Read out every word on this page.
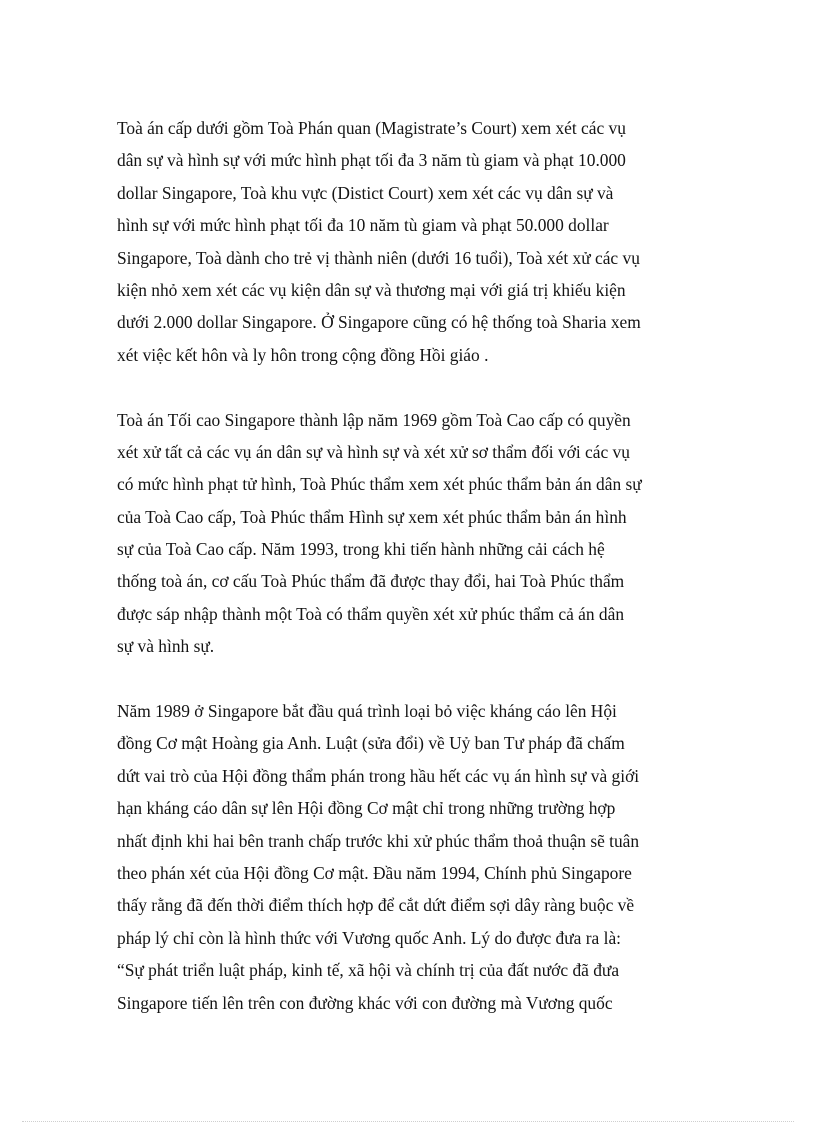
Toà án cấp dưới gồm Toà Phán quan (Magistrate’s Court) xem xét các vụ
dân sự và hình sự với mức hình phạt tối đa 3 năm tù giam và phạt 10.000
dollar Singapore, Toà khu vực (Distict Court) xem xét các vụ dân sự và
hình sự với mức hình phạt tối đa 10 năm tù giam và phạt 50.000 dollar
Singapore, Toà dành cho trẻ vị thành niên (dưới 16 tuổi), Toà xét xử các vụ
kiện nhỏ xem xét các vụ kiện dân sự và thương mại với giá trị khiếu kiện
dưới 2.000 dollar Singapore. Ở Singapore cũng có hệ thống toà Sharia xem
xét việc kết hôn và ly hôn trong cộng đồng Hồi giáo .
Toà án Tối cao Singapore thành lập năm 1969 gồm Toà Cao cấp có quyền
xét xử tất cả các vụ án dân sự và hình sự và xét xử sơ thẩm đối với các vụ
có mức hình phạt tử hình, Toà Phúc thẩm xem xét phúc thẩm bản án dân sự
của Toà Cao cấp, Toà Phúc thẩm Hình sự xem xét phúc thẩm bản án hình
sự của Toà Cao cấp. Năm 1993, trong khi tiến hành những cải cách hệ
thống toà án, cơ cấu Toà Phúc thẩm đã được thay đổi, hai Toà Phúc thẩm
được sáp nhập thành một Toà có thẩm quyền xét xử phúc thẩm cả án dân
sự và hình sự.
Năm 1989 ở Singapore bắt đầu quá trình loại bỏ việc kháng cáo lên Hội
đồng Cơ mật Hoàng gia Anh. Luật (sửa đổi) về Uỷ ban Tư pháp đã chấm
dứt vai trò của Hội đồng thẩm phán trong hầu hết các vụ án hình sự và giới
hạn kháng cáo dân sự lên Hội đồng Cơ mật chỉ trong những trường hợp
nhất định khi hai bên tranh chấp trước khi xử phúc thẩm thoả thuận sẽ tuân
theo phán xét của Hội đồng Cơ mật. Đầu năm 1994, Chính phủ Singapore
thấy rằng đã đến thời điểm thích hợp để cắt dứt điểm sợi dây ràng buộc về
pháp lý chỉ còn là hình thức với Vương quốc Anh. Lý do được đưa ra là:
“Sự phát triển luật pháp, kinh tế, xã hội và chính trị của đất nước đã đưa
Singapore tiến lên trên con đường khác với con đường mà Vương quốc
